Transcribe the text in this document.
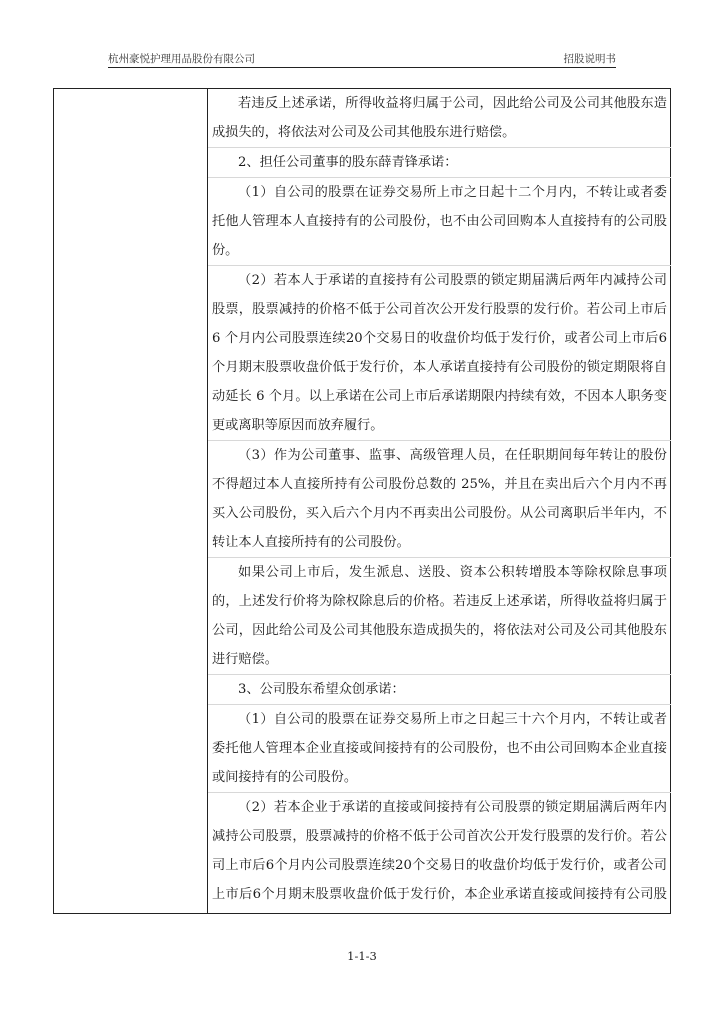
杭州豪悦护理用品股份有限公司	招股说明书

若违反上述承诺，所得收益将归属于公司，因此给公司及公司其他股东造成损失的，将依法对公司及公司其他股东进行赔偿。

2、担任公司董事的股东薛青锋承诺：

（1）自公司的股票在证券交易所上市之日起十二个月内，不转让或者委托他人管理本人直接持有的公司股份，也不由公司回购本人直接持有的公司股份。

（2）若本人于承诺的直接持有公司股票的锁定期届满后两年内减持公司股票，股票减持的价格不低于公司首次公开发行股票的发行价。若公司上市后 6 个月内公司股票连续20个交易日的收盘价均低于发行价，或者公司上市后6个月期末股票收盘价低于发行价，本人承诺直接持有公司股份的锁定期限将自动延长 6 个月。以上承诺在公司上市后承诺期限内持续有效，不因本人职务变更或离职等原因而放弃履行。

（3）作为公司董事、监事、高级管理人员，在任职期间每年转让的股份不得超过本人直接所持有公司股份总数的 25%，并且在卖出后六个月内不再买入公司股份，买入后六个月内不再卖出公司股份。从公司离职后半年内，不转让本人直接所持有的公司股份。

如果公司上市后，发生派息、送股、资本公积转增股本等除权除息事项的，上述发行价将为除权除息后的价格。若违反上述承诺，所得收益将归属于公司，因此给公司及公司其他股东造成损失的，将依法对公司及公司其他股东进行赔偿。

3、公司股东希望众创承诺：

（1）自公司的股票在证券交易所上市之日起三十六个月内，不转让或者委托他人管理本企业直接或间接持有的公司股份，也不由公司回购本企业直接或间接持有的公司股份。

（2）若本企业于承诺的直接或间接持有公司股票的锁定期届满后两年内减持公司股票，股票减持的价格不低于公司首次公开发行股票的发行价。若公司上市后6个月内公司股票连续20个交易日的收盘价均低于发行价，或者公司上市后6个月期末股票收盘价低于发行价，本企业承诺直接或间接持有公司股

1-1-3
